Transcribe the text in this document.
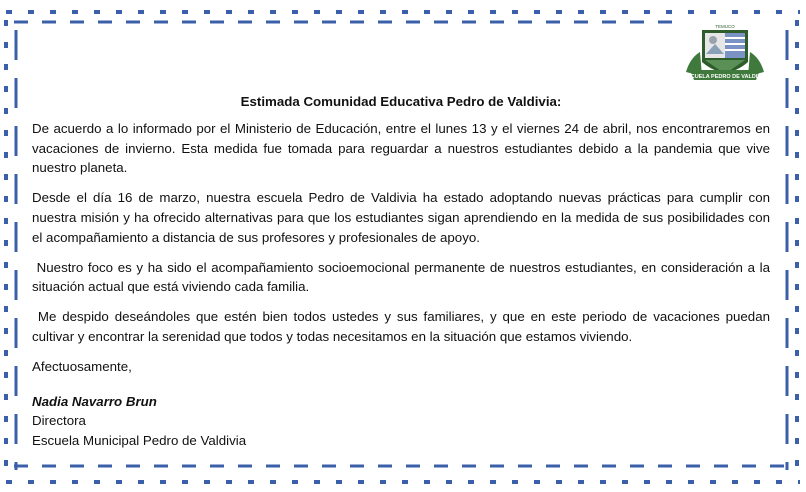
ESCUELA PEDRO DE VALDIVIA
TEMUCO

Estimada Comunidad Educativa Pedro de Valdivia:

De acuerdo a lo informado por el Ministerio de Educación, entre el lunes 13 y el viernes 24 de abril, nos encontraremos en vacaciones de invierno. Esta medida fue tomada para reguardar a nuestros estudiantes debido a la pandemia que vive nuestro planeta.

Desde el día 16 de marzo, nuestra escuela Pedro de Valdivia ha estado adoptando nuevas prácticas para cumplir con nuestra misión y ha ofrecido alternativas para que los estudiantes sigan aprendiendo en la medida de sus posibilidades con el acompañamiento a distancia de sus profesores y profesionales de apoyo.

Nuestro foco es y ha sido el acompañamiento socioemocional permanente de nuestros estudiantes, en consideración a la situación actual que está viviendo cada familia.

Me despido deseándoles que estén bien todos ustedes y sus familiares, y que en este periodo de vacaciones puedan cultivar y encontrar la serenidad que todos y todas necesitamos en la situación que estamos viviendo.

Afectuosamente,

Nadia Navarro Brun

Directora

Escuela Municipal Pedro de Valdivia
